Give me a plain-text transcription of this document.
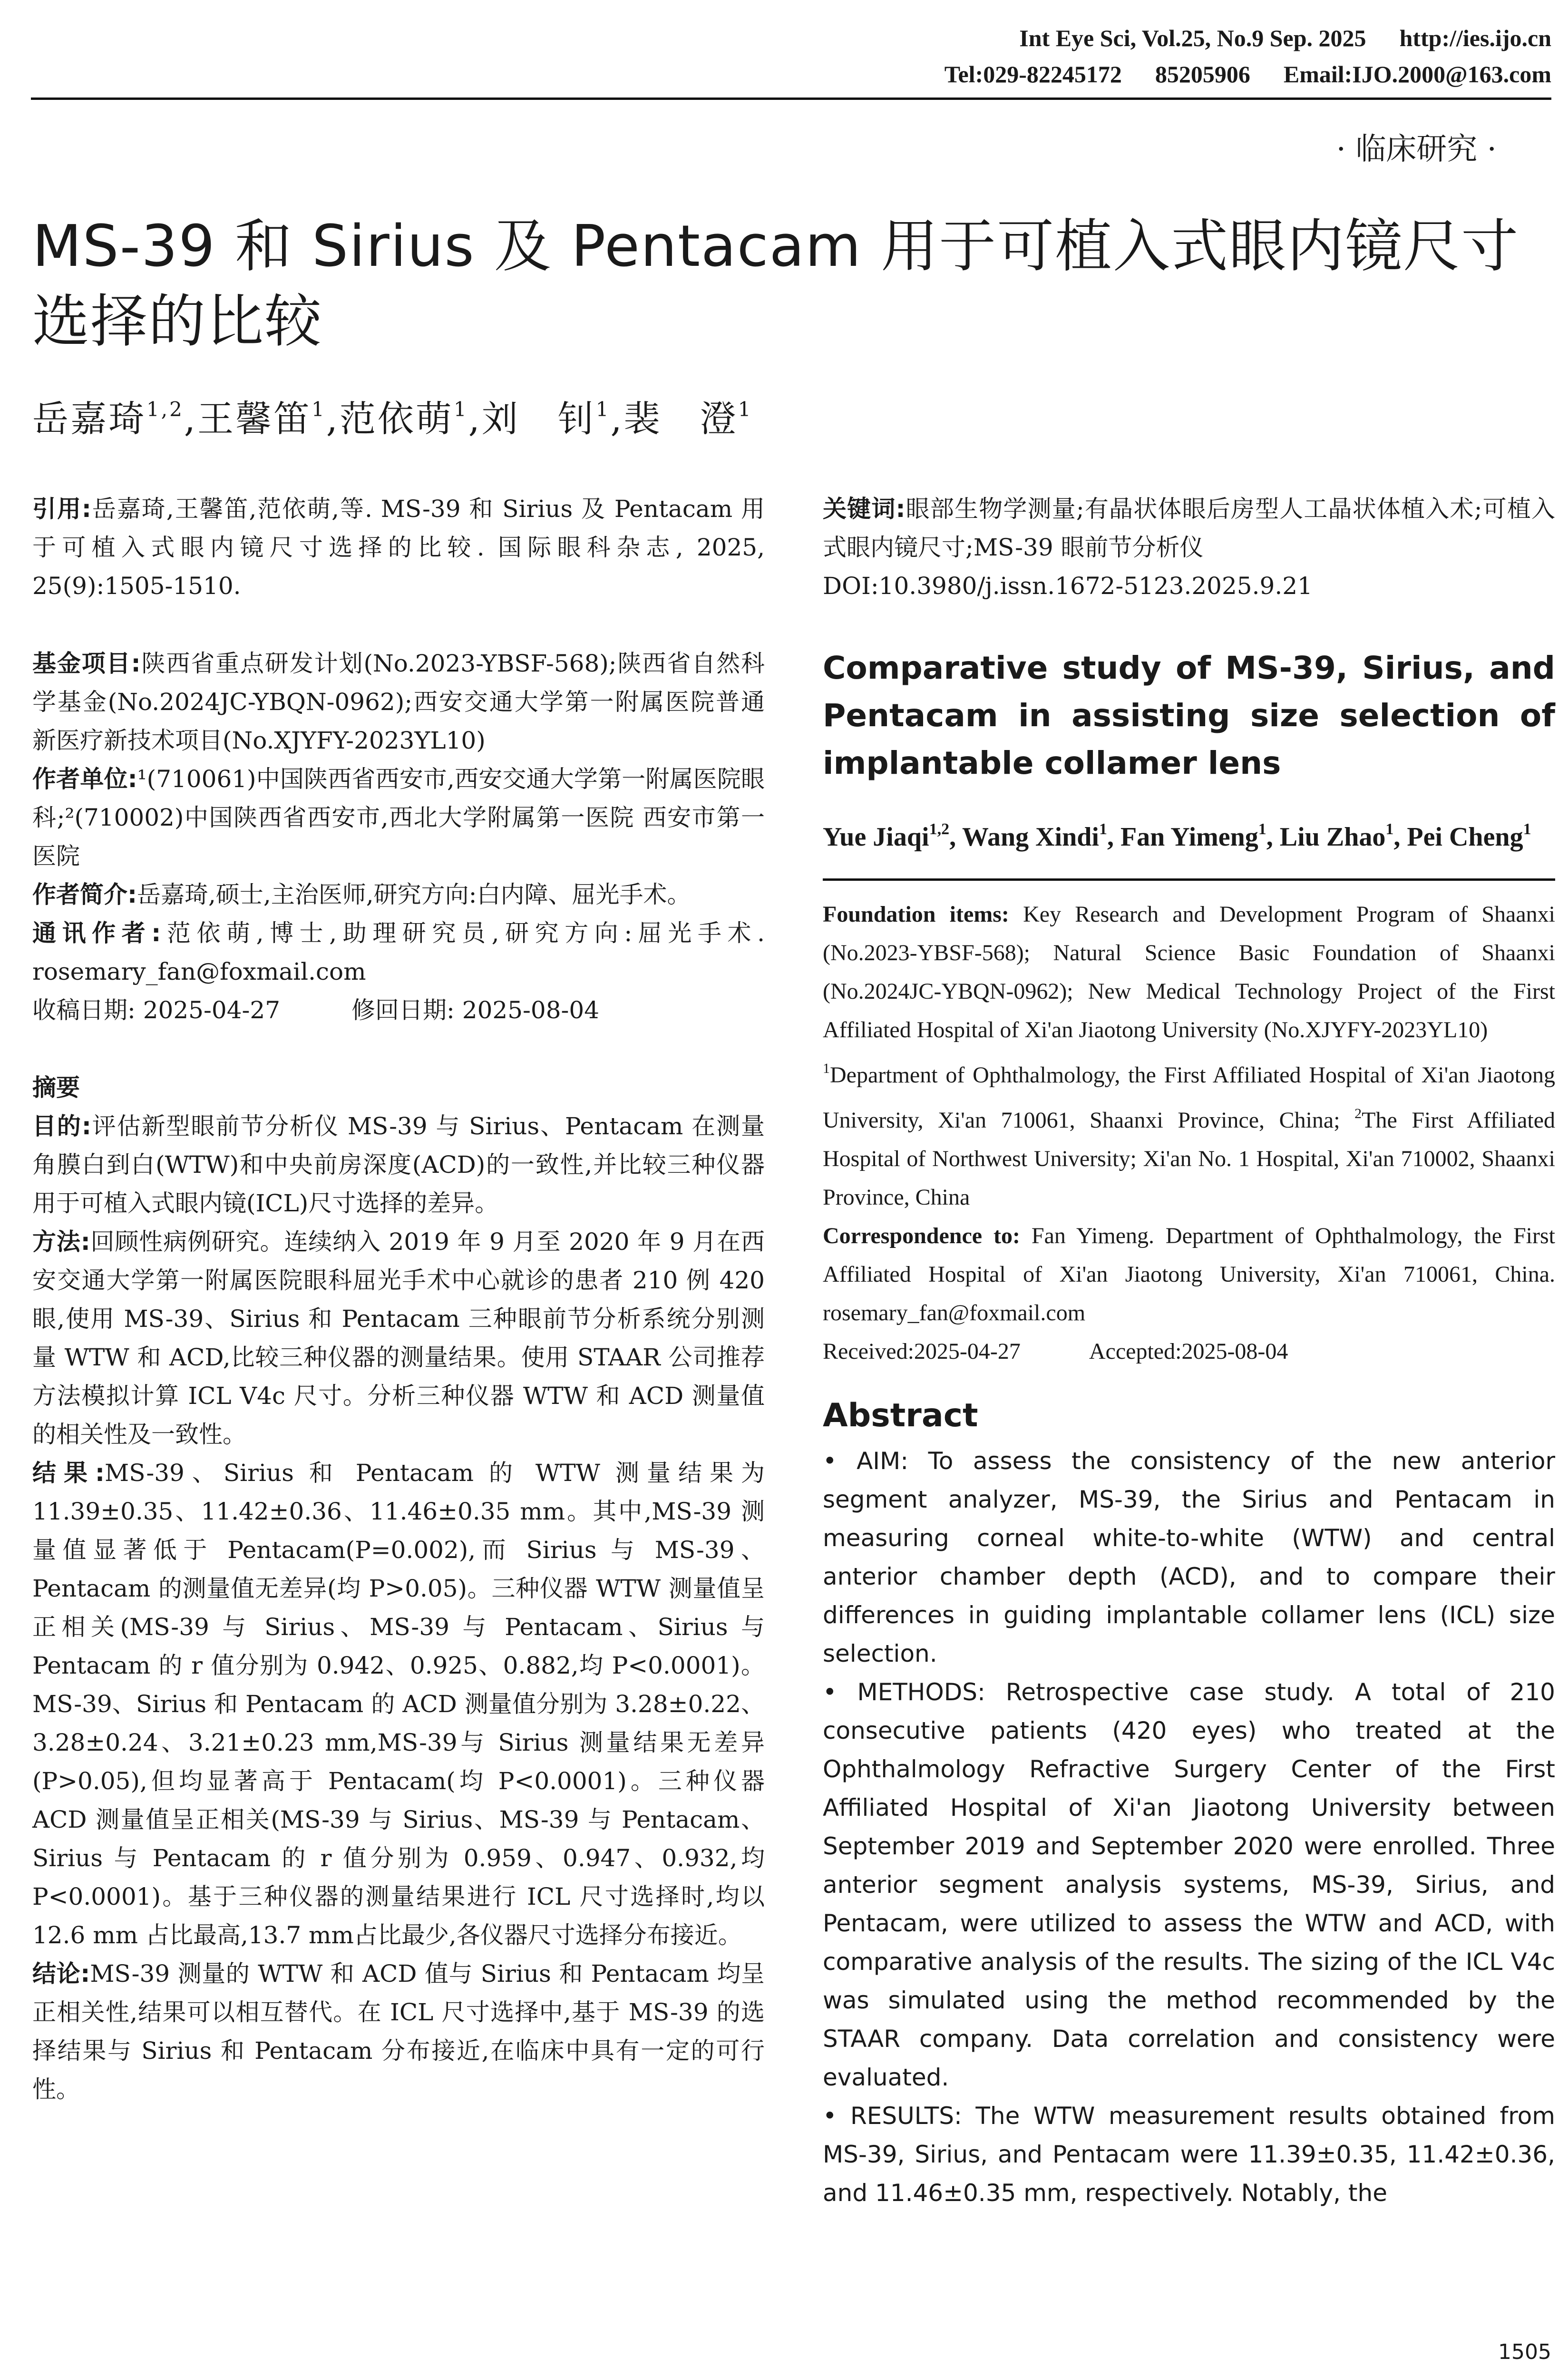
Int Eye Sci, Vol.25, No.9 Sep. 2025 http://ies.ijo.cn
Tel:029-82245172 85205906 Email:IJO.2000@163.com
· 临床研究 ·
MS-39 和 Sirius 及 Pentacam 用于可植入式眼内镜尺寸选择的比较
岳嘉琦$^{1,2}$,王馨笛$^1$,范依萌$^1$,刘　钊$^1$,裴　澄$^1$

引用:岳嘉琦,王馨笛,范依萌,等. MS-39 和 Sirius 及 Pentacam 用于可植入式眼内镜尺寸选择的比较. 国际眼科杂志, 2025, 25(9):1505-1510.

基金项目:陕西省重点研发计划(No.2023-YBSF-568);陕西省自然科学基金(No.2024JC-YBQN-0962);西安交通大学第一附属医院普通新医疗新技术项目(No.XJYFY-2023YL10)

作者单位:¹(710061)中国陕西省西安市,西安交通大学第一附属医院眼科;²(710002)中国陕西省西安市,西北大学附属第一医院 西安市第一医院

作者简介:岳嘉琦,硕士,主治医师,研究方向:白内障、屈光手术。

通讯作者:范依萌,博士,助理研究员,研究方向:屈光手术. rosemary_fan@foxmail.com

收稿日期: 2025-04-27　　　	修回日期: 2025-08-04

摘要

目的:评估新型眼前节分析仪 MS-39 与 Sirius、Pentacam 在测量角膜白到白(WTW)和中央前房深度(ACD)的一致性,并比较三种仪器用于可植入式眼内镜(ICL)尺寸选择的差异。

方法:回顾性病例研究。连续纳入 2019 年 9 月至 2020 年 9 月在西安交通大学第一附属医院眼科屈光手术中心就诊的患者 210 例 420 眼,使用 MS-39、Sirius 和 Pentacam 三种眼前节分析系统分别测量 WTW 和 ACD,比较三种仪器的测量结果。使用 STAAR 公司推荐方法模拟计算 ICL V4c 尺寸。分析三种仪器 WTW 和 ACD 测量值的相关性及一致性。

结果:MS-39、Sirius 和 Pentacam 的 WTW 测量结果为 11.39±0.35、11.42±0.36、11.46±0.35 mm。其中,MS-39 测量值显著低于 Pentacam(P=0.002),而 Sirius 与 MS-39、Pentacam 的测量值无差异(均 P>0.05)。三种仪器 WTW 测量值呈正相关(MS-39 与 Sirius、MS-39 与 Pentacam、Sirius 与 Pentacam 的 r 值分别为 0.942、0.925、0.882,均 P<0.0001)。MS-39、Sirius 和 Pentacam 的 ACD 测量值分别为 3.28±0.22、3.28±0.24、3.21±0.23 mm,MS-39与 Sirius 测量结果无差异(P>0.05),但均显著高于 Pentacam(均 P<0.0001)。三种仪器 ACD 测量值呈正相关(MS-39 与 Sirius、MS-39 与 Pentacam、Sirius 与 Pentacam 的 r 值分别为 0.959、0.947、0.932,均 P<0.0001)。基于三种仪器的测量结果进行 ICL 尺寸选择时,均以 12.6 mm 占比最高,13.7 mm占比最少,各仪器尺寸选择分布接近。

结论:MS-39 测量的 WTW 和 ACD 值与 Sirius 和 Pentacam 均呈正相关性,结果可以相互替代。在 ICL 尺寸选择中,基于 MS-39 的选择结果与 Sirius 和 Pentacam 分布接近,在临床中具有一定的可行性。

关键词:眼部生物学测量;有晶状体眼后房型人工晶状体植入术;可植入式眼内镜尺寸;MS-39 眼前节分析仪

DOI:10.3980/j.issn.1672-5123.2025.9.21

Comparative study of MS-39, Sirius, and Pentacam in assisting size selection of implantable collamer lens

Yue Jiaqi$^{1,2}$, Wang Xindi$^1$, Fan Yimeng$^1$, Liu Zhao$^1$, Pei Cheng$^1$

Foundation items: Key Research and Development Program of Shaanxi (No.2023-YBSF-568); Natural Science Basic Foundation of Shaanxi (No.2024JC-YBQN-0962); New Medical Technology Project of the First Affiliated Hospital of Xi'an Jiaotong University (No.XJYFY-2023YL10)

$^1$Department of Ophthalmology, the First Affiliated Hospital of Xi'an Jiaotong University, Xi'an 710061, Shaanxi Province, China; $^2$The First Affiliated Hospital of Northwest University; Xi'an No. 1 Hospital, Xi'an 710002, Shaanxi Province, China

Correspondence to: Fan Yimeng. Department of Ophthalmology, the First Affiliated Hospital of Xi'an Jiaotong University, Xi'an 710061, China. rosemary_fan@foxmail.com

Received:2025-04-27　　　	Accepted:2025-08-04

Abstract

• AIM: To assess the consistency of the new anterior segment analyzer, MS-39, the Sirius and Pentacam in measuring corneal white-to-white (WTW) and central anterior chamber depth (ACD), and to compare their differences in guiding implantable collamer lens (ICL) size selection.

• METHODS: Retrospective case study. A total of 210 consecutive patients (420 eyes) who treated at the Ophthalmology Refractive Surgery Center of the First Affiliated Hospital of Xi'an Jiaotong University between September 2019 and September 2020 were enrolled. Three anterior segment analysis systems, MS-39, Sirius, and Pentacam, were utilized to assess the WTW and ACD, with comparative analysis of the results. The sizing of the ICL V4c was simulated using the method recommended by the STAAR company. Data correlation and consistency were evaluated.

• RESULTS: The WTW measurement results obtained from MS-39, Sirius, and Pentacam were 11.39±0.35, 11.42±0.36, and 11.46±0.35 mm, respectively. Notably, the

1505
